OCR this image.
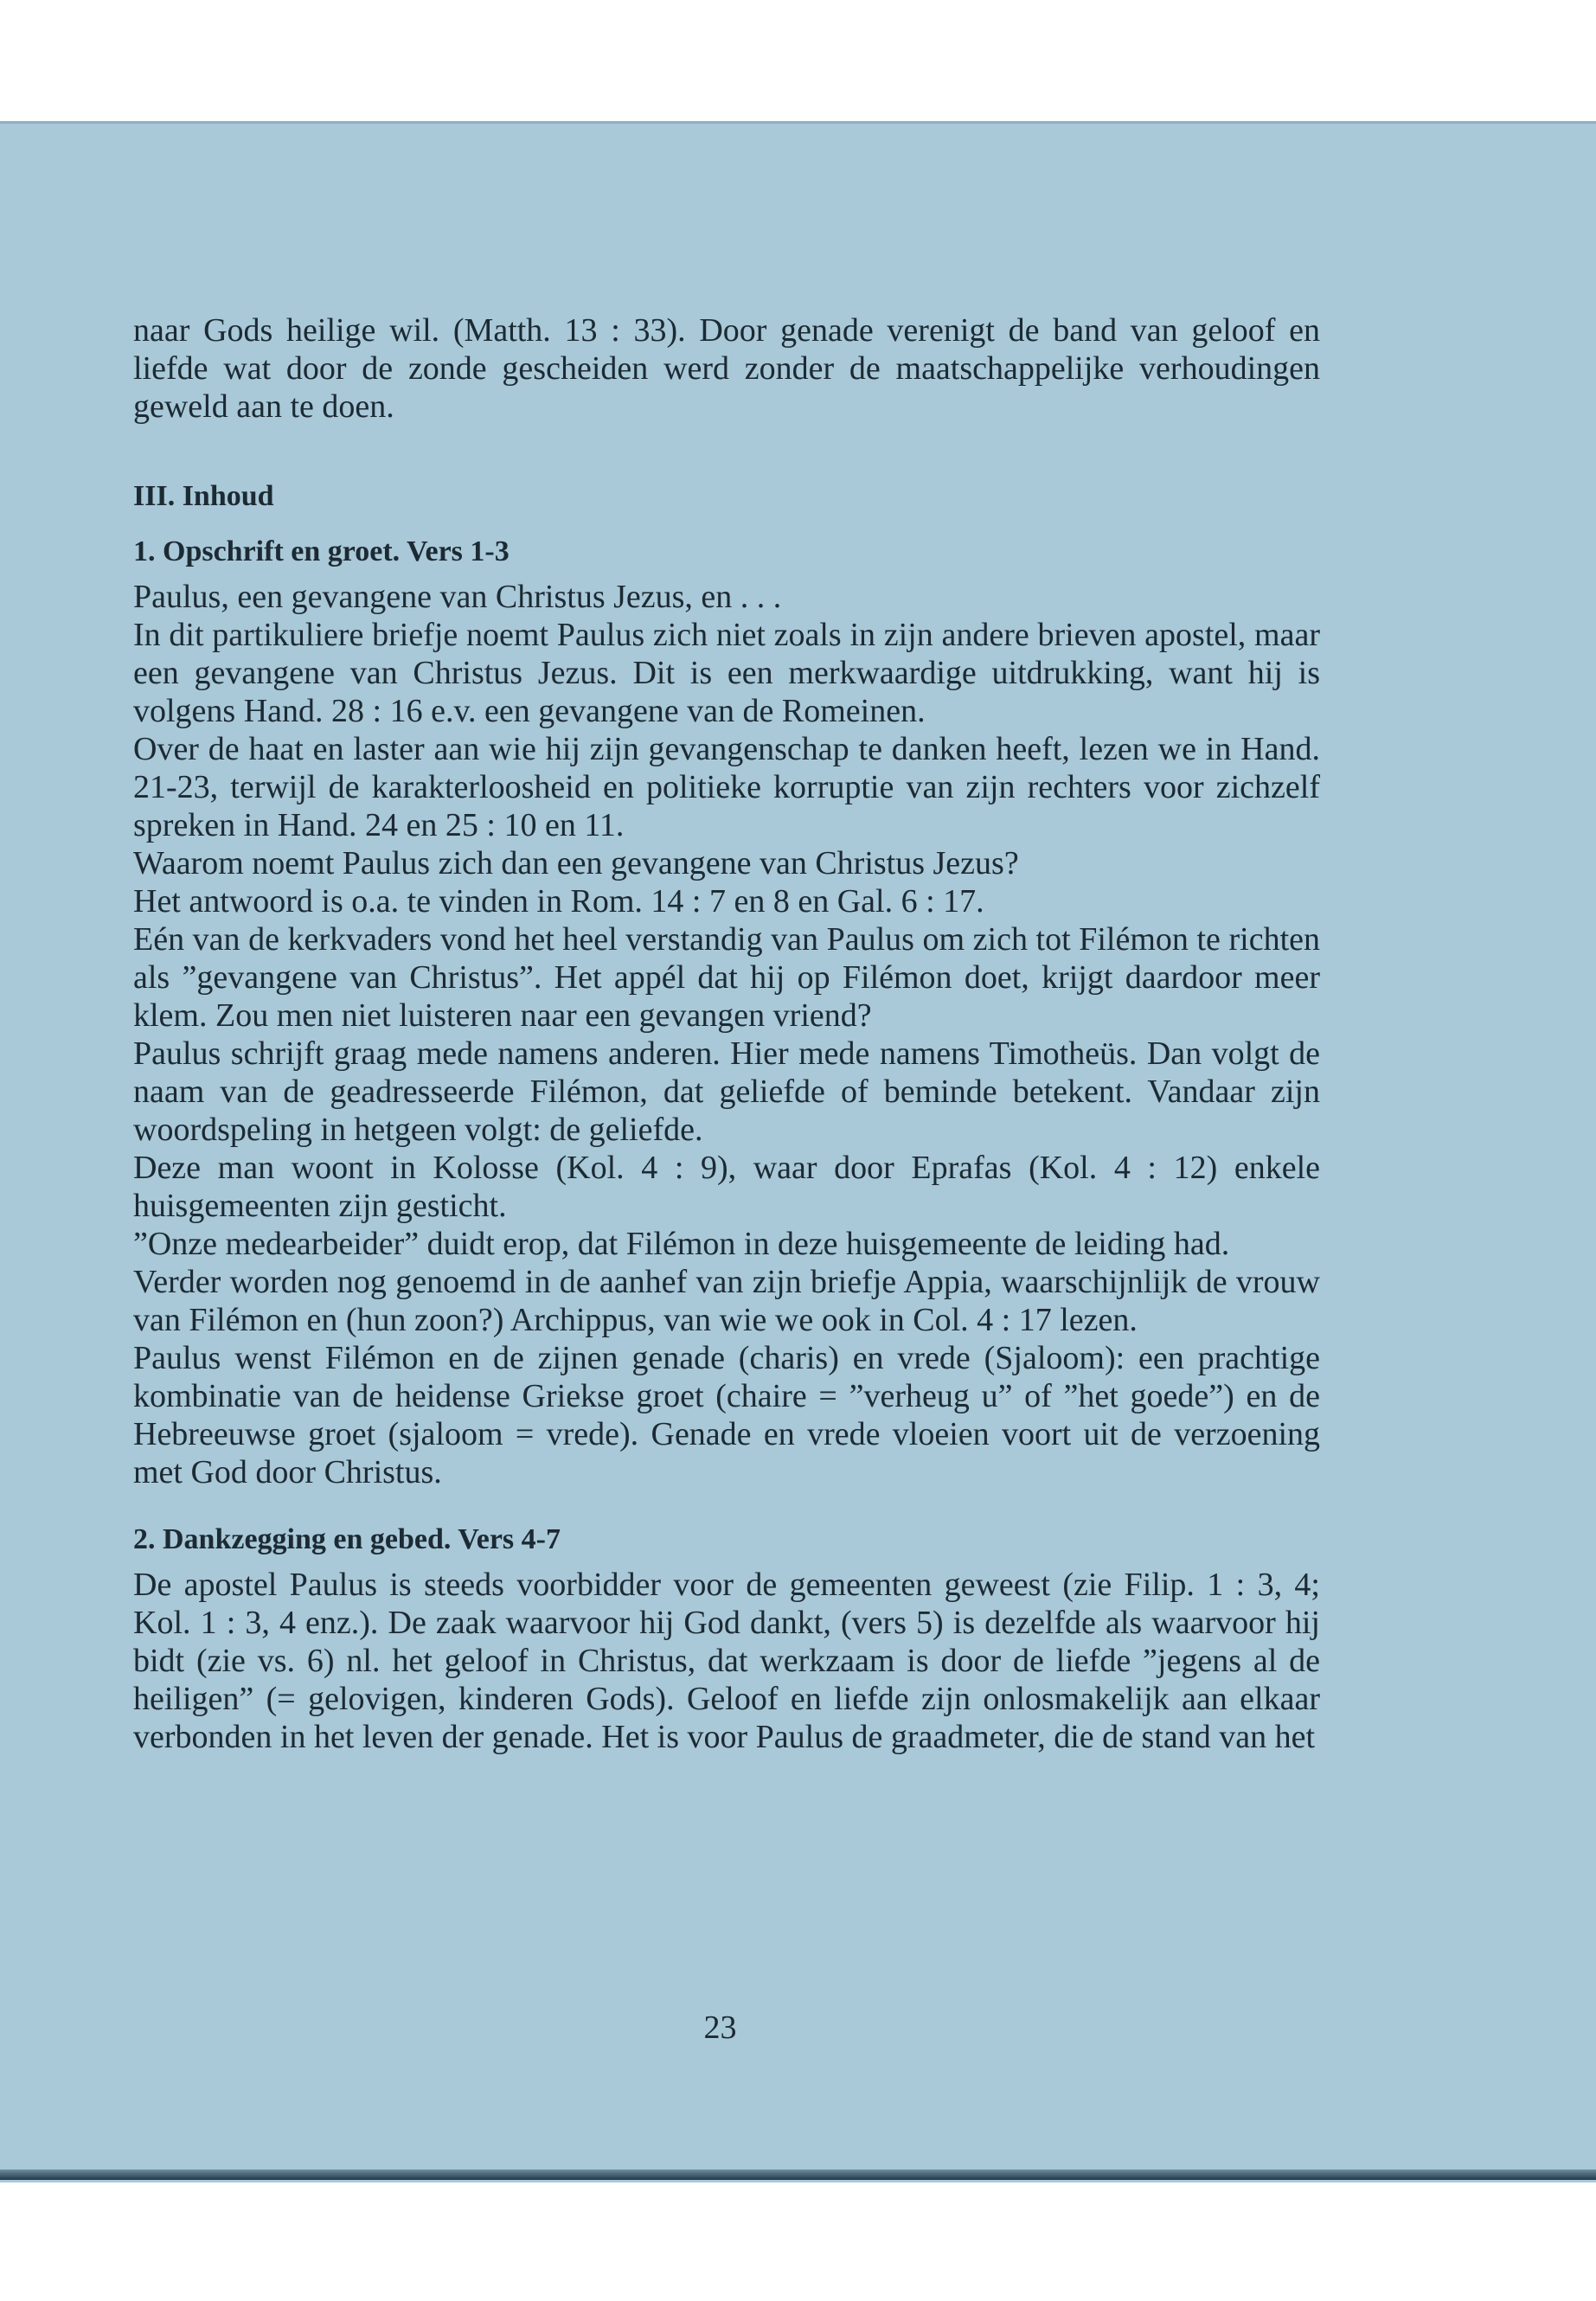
naar Gods heilige wil. (Matth. 13 : 33). Door genade verenigt de band van geloof en liefde wat door de zonde gescheiden werd zonder de maatschappelijke verhoudingen geweld aan te doen.

III. Inhoud

1. Opschrift en groet. Vers 1-3

Paulus, een gevangene van Christus Jezus, en . . .

In dit partikuliere briefje noemt Paulus zich niet zoals in zijn andere brieven apostel, maar een gevangene van Christus Jezus. Dit is een merkwaardige uitdrukking, want hij is volgens Hand. 28 : 16 e.v. een gevangene van de Romeinen.

Over de haat en laster aan wie hij zijn gevangenschap te danken heeft, lezen we in Hand. 21-23, terwijl de karakterloosheid en politieke korruptie van zijn rechters voor zichzelf spreken in Hand. 24 en 25 : 10 en 11.

Waarom noemt Paulus zich dan een gevangene van Christus Jezus?

Het antwoord is o.a. te vinden in Rom. 14 : 7 en 8 en Gal. 6 : 17.

Eén van de kerkvaders vond het heel verstandig van Paulus om zich tot Filémon te richten als ”gevangene van Christus”. Het appél dat hij op Filémon doet, krijgt daardoor meer klem. Zou men niet luisteren naar een gevangen vriend?

Paulus schrijft graag mede namens anderen. Hier mede namens Timotheüs. Dan volgt de naam van de geadresseerde Filémon, dat geliefde of beminde betekent. Vandaar zijn woordspeling in hetgeen volgt: de geliefde.

Deze man woont in Kolosse (Kol. 4 : 9), waar door Eprafas (Kol. 4 : 12) enkele huisgemeenten zijn gesticht.

”Onze medearbeider” duidt erop, dat Filémon in deze huisgemeente de leiding had.

Verder worden nog genoemd in de aanhef van zijn briefje Appia, waarschijnlijk de vrouw van Filémon en (hun zoon?) Archippus, van wie we ook in Col. 4 : 17 lezen.

Paulus wenst Filémon en de zijnen genade (charis) en vrede (Sjaloom): een prachtige kombinatie van de heidense Griekse groet (chaire = ”verheug u” of ”het goede”) en de Hebreeuwse groet (sjaloom = vrede). Genade en vrede vloeien voort uit de verzoening met God door Christus.

2. Dankzegging en gebed. Vers 4-7

De apostel Paulus is steeds voorbidder voor de gemeenten geweest (zie Filip. 1 : 3, 4; Kol. 1 : 3, 4 enz.). De zaak waarvoor hij God dankt, (vers 5) is dezelfde als waarvoor hij bidt (zie vs. 6) nl. het geloof in Christus, dat werkzaam is door de liefde ”jegens al de heiligen” (= gelovigen, kinderen Gods). Geloof en liefde zijn onlosmakelijk aan elkaar verbonden in het leven der genade. Het is voor Paulus de graadmeter, die de stand van het

23
